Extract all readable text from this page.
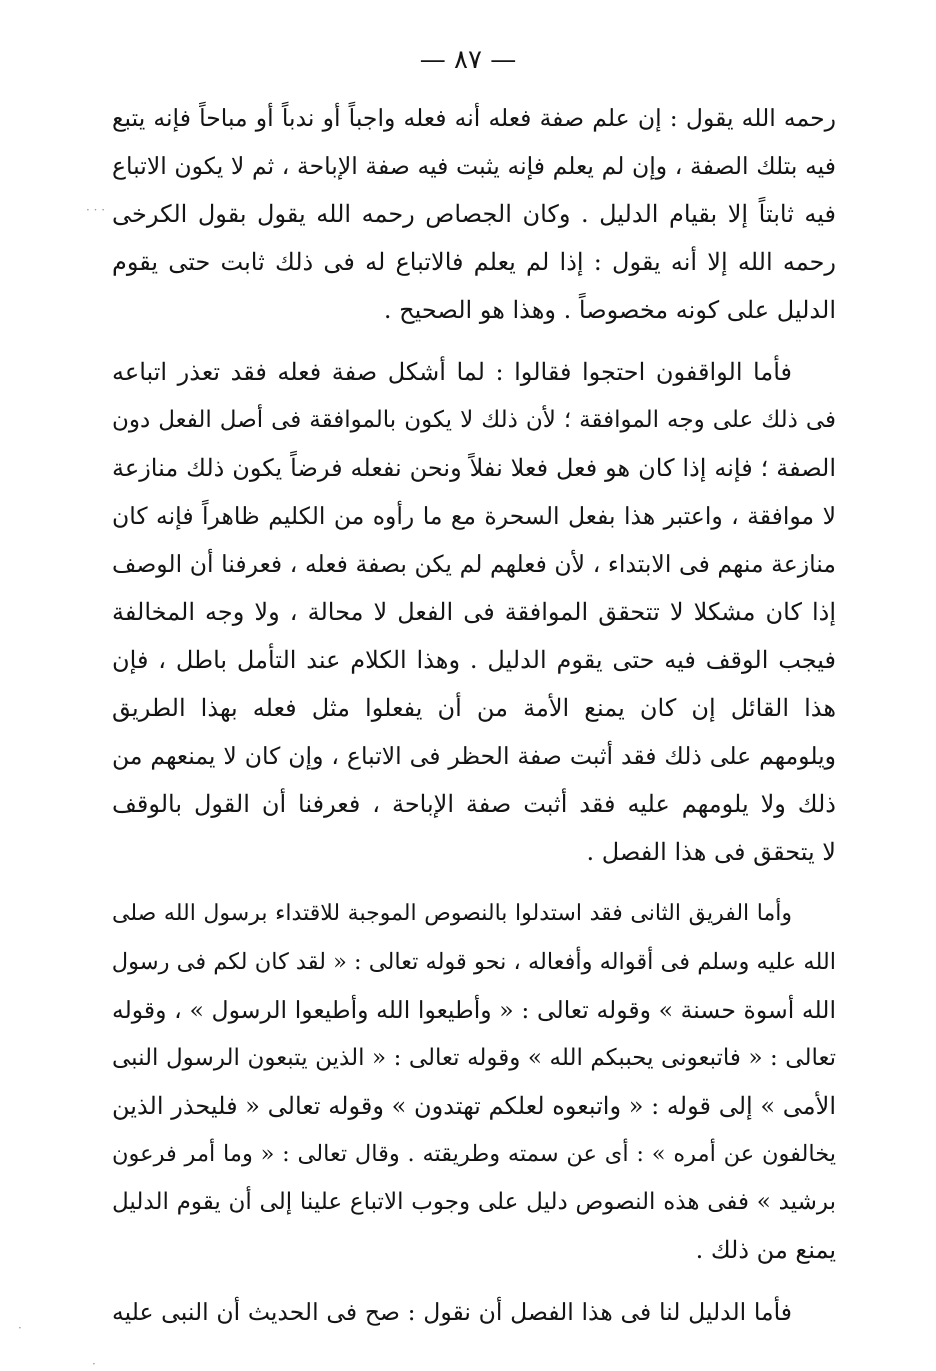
— ٨٧ —

رحمه الله يقول : إن علم صفة فعله أنه فعله واجباً أو ندباً أو مباحاً فإنه يتبع
فيه بتلك الصفة ، وإن لم يعلم فإنه يثبت فيه صفة الإباحة ، ثم لا يكون الاتباع
فيه ثابتاً إلا بقيام الدليل . وكان الجصاص رحمه الله يقول بقول الكرخى
رحمه الله إلا أنه يقول : إذا لم يعلم فالاتباع له فى ذلك ثابت حتى يقوم
الدليل على كونه مخصوصاً . وهذا هو الصحيح .

فأما الواقفون احتجوا فقالوا : لما أشكل صفة فعله فقد تعذر اتباعه
فى ذلك على وجه الموافقة ؛ لأن ذلك لا يكون بالموافقة فى أصل الفعل دون
الصفة ؛ فإنه إذا كان هو فعل فعلا نفلاً ونحن نفعله فرضاً يكون ذلك منازعة
لا موافقة ، واعتبر هذا بفعل السحرة مع ما رأوه من الكليم ظاهراً فإنه كان
منازعة منهم فى الابتداء ، لأن فعلهم لم يكن بصفة فعله ، فعرفنا أن الوصف
إذا كان مشكلا لا تتحقق الموافقة فى الفعل لا محالة ، ولا وجه المخالفة
فيجب الوقف فيه حتى يقوم الدليل . وهذا الكلام عند التأمل باطل ، فإن
هذا القائل إن كان يمنع الأمة من أن يفعلوا مثل فعله بهذا الطريق
ويلومهم على ذلك فقد أثبت صفة الحظر فى الاتباع ، وإن كان لا يمنعهم من
ذلك ولا يلومهم عليه فقد أثبت صفة الإباحة ، فعرفنا أن القول بالوقف
لا يتحقق فى هذا الفصل .

وأما الفريق الثانى فقد استدلوا بالنصوص الموجبة للاقتداء برسول الله صلى
الله عليه وسلم فى أقواله وأفعاله ، نحو قوله تعالى : « لقد كان لكم فى رسول
الله أسوة حسنة » وقوله تعالى : « وأطيعوا الله وأطيعوا الرسول » ، وقوله
تعالى : « فاتبعونى يحببكم الله » وقوله تعالى : « الذين يتبعون الرسول النبى
الأمى » إلى قوله : « واتبعوه لعلكم تهتدون » وقوله تعالى « فليحذر الذين
يخالفون عن أمره » : أى عن سمته وطريقته . وقال تعالى : « وما أمر فرعون
برشيد » ففى هذه النصوص دليل على وجوب الاتباع علينا إلى أن يقوم الدليل
يمنع من ذلك .

فأما الدليل لنا فى هذا الفصل أن نقول : صح فى الحديث أن النبى عليه

· · ·
·
·
